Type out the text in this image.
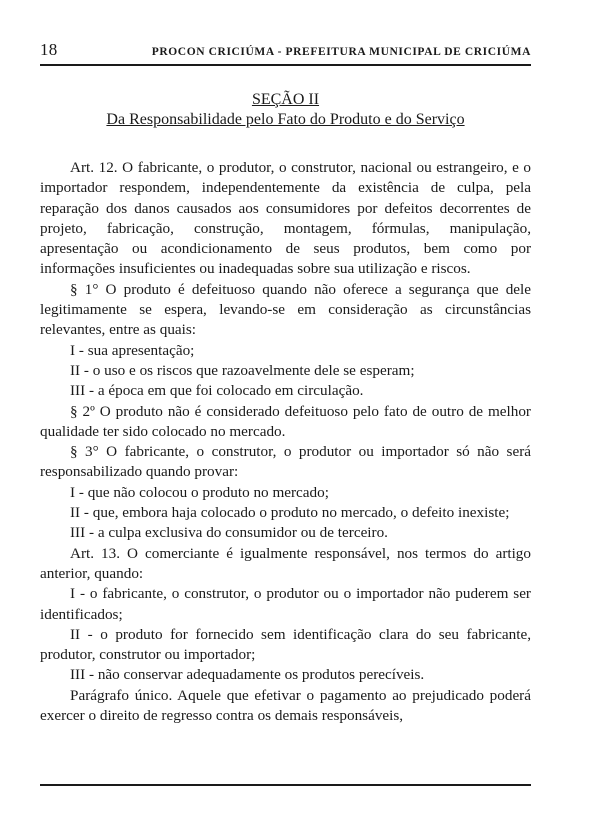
18	PROCON CRICIÚMA - PREFEITURA MUNICIPAL DE CRICIÚMA
SEÇÃO II
Da Responsabilidade pelo Fato do Produto e do Serviço

Art. 12. O fabricante, o produtor, o construtor, nacional ou estrangeiro, e o importador respondem, independentemente da existência de culpa, pela reparação dos danos causados aos consumidores por defeitos decorrentes de projeto, fabricação, construção, montagem, fórmulas, manipulação, apresentação ou acondicionamento de seus produtos, bem como por informações insuficientes ou inadequadas sobre sua utilização e riscos.

§ 1° O produto é defeituoso quando não oferece a segurança que dele legitimamente se espera, levando-se em consideração as circunstâncias relevantes, entre as quais:

I - sua apresentação;

II - o uso e os riscos que razoavelmente dele se esperam;

III - a época em que foi colocado em circulação.

§ 2º O produto não é considerado defeituoso pelo fato de outro de melhor qualidade ter sido colocado no mercado.

§ 3° O fabricante, o construtor, o produtor ou importador só não será responsabilizado quando provar:

I - que não colocou o produto no mercado;

II - que, embora haja colocado o produto no mercado, o defeito inexiste;

III - a culpa exclusiva do consumidor ou de terceiro.

Art. 13. O comerciante é igualmente responsável, nos termos do artigo anterior, quando:

I - o fabricante, o construtor, o produtor ou o importador não puderem ser identificados;

II - o produto for fornecido sem identificação clara do seu fabricante, produtor, construtor ou importador;

III - não conservar adequadamente os produtos perecíveis.

Parágrafo único. Aquele que efetivar o pagamento ao prejudicado poderá exercer o direito de regresso contra os demais responsáveis,
